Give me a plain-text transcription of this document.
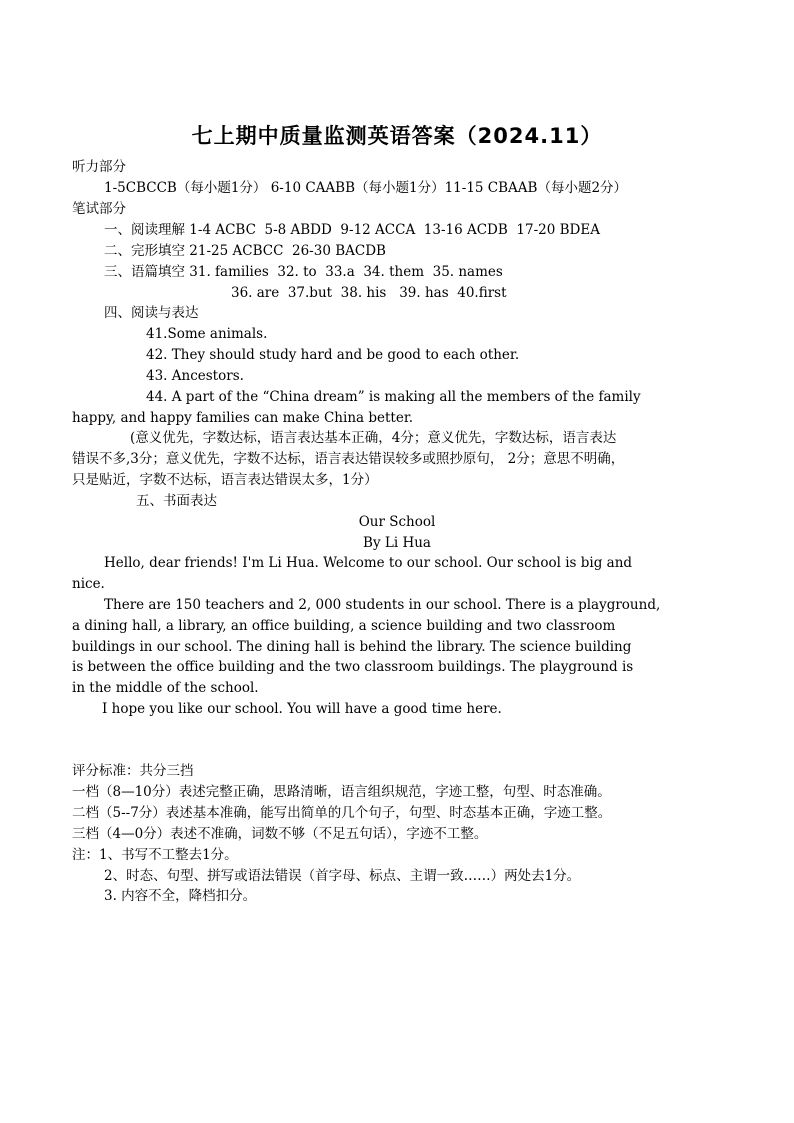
七上期中质量监测英语答案（2024.11）
听力部分
1-5CBCCB（每小题1分） 6-10 CAABB（每小题1分）11-15 CBAAB（每小题2分）
笔试部分
一、阅读理解 1-4 ACBC  5-8 ABDD  9-12 ACCA  13-16 ACDB  17-20 BDEA
二、完形填空 21-25 ACBCC  26-30 BACDB
三、语篇填空 31. families  32. to  33.a  34. them  35. names
36. are  37.but  38. his   39. has  40.first
四、阅读与表达
41.Some animals.
42. They should study hard and be good to each other.
43. Ancestors.
44. A part of the “China dream” is making all the members of the family
happy, and happy families can make China better.
(意义优先，字数达标，语言表达基本正确，4分；意义优先，字数达标，语言表达
错误不多,3分；意义优先，字数不达标，语言表达错误较多或照抄原句， 2分；意思不明确，
只是贴近，字数不达标，语言表达错误太多，1分）
五、书面表达
Our School
By Li Hua
Hello, dear friends! I'm Li Hua. Welcome to our school. Our school is big and
nice.
There are 150 teachers and 2, 000 students in our school. There is a playground,
a dining hall, a library, an office building, a science building and two classroom
buildings in our school. The dining hall is behind the library. The science building
is between the office building and the two classroom buildings. The playground is
in the middle of the school.
I hope you like our school. You will have a good time here.
评分标准：共分三挡
一档（8—10分）表述完整正确，思路清晰，语言组织规范，字迹工整，句型、时态准确。
二档（5--7分）表述基本准确，能写出简单的几个句子，句型、时态基本正确，字迹工整。
三档（4—0分）表述不准确，词数不够（不足五句话），字迹不工整。
注：1、书写不工整去1分。
2、时态、句型、拼写或语法错误（首字母、标点、主谓一致……）两处去1分。
3. 内容不全，降档扣分。
